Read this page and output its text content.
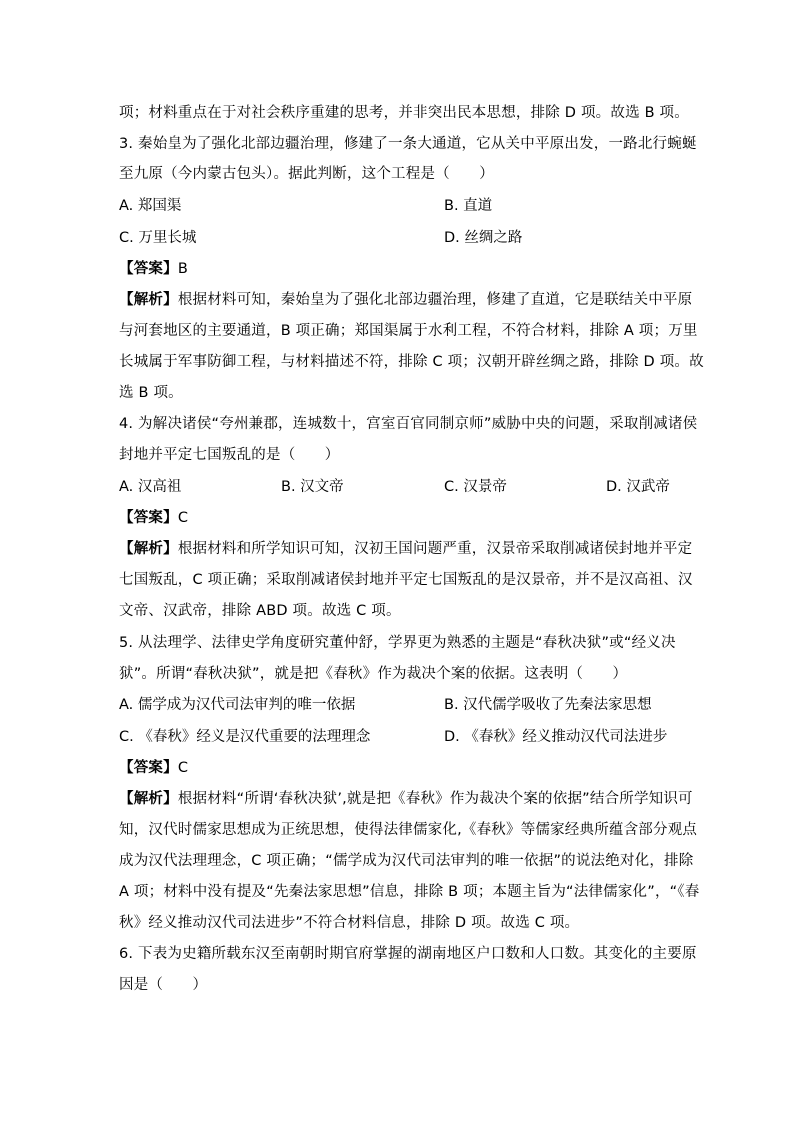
项；材料重点在于对社会秩序重建的思考，并非突出民本思想，排除 D 项。故选 B 项。
3. 秦始皇为了强化北部边疆治理，修建了一条大通道，它从关中平原出发，一路北行蜿蜒
至九原（今内蒙古包头）。据此判断，这个工程是（　　）
A. 郑国渠	B. 直道
C. 万里长城	D. 丝绸之路
【答案】B
【解析】根据材料可知，秦始皇为了强化北部边疆治理，修建了直道，它是联结关中平原
与河套地区的主要通道，B 项正确；郑国渠属于水利工程，不符合材料，排除 A 项；万里
长城属于军事防御工程，与材料描述不符，排除 C 项；汉朝开辟丝绸之路，排除 D 项。故
选 B 项。
4. 为解决诸侯“夸州兼郡，连城数十，宫室百官同制京师”威胁中央的问题，采取削减诸侯
封地并平定七国叛乱的是（　　）
A. 汉高祖	B. 汉文帝	C. 汉景帝	D. 汉武帝
【答案】C
【解析】根据材料和所学知识可知，汉初王国问题严重，汉景帝采取削减诸侯封地并平定
七国叛乱，C 项正确；采取削减诸侯封地并平定七国叛乱的是汉景帝，并不是汉高祖、汉
文帝、汉武帝，排除 ABD 项。故选 C 项。
5. 从法理学、法律史学角度研究董仲舒，学界更为熟悉的主题是“春秋决狱”或“经义决
狱”。所谓“春秋决狱”，就是把《春秋》作为裁决个案的依据。这表明（　　）
A. 儒学成为汉代司法审判的唯一依据	B. 汉代儒学吸收了先秦法家思想
C. 《春秋》经义是汉代重要的法理理念	D. 《春秋》经义推动汉代司法进步
【答案】C
【解析】根据材料“所谓‘春秋决狱’,就是把《春秋》作为裁决个案的依据”结合所学知识可
知，汉代时儒家思想成为正统思想，使得法律儒家化,《春秋》等儒家经典所蕴含部分观点
成为汉代法理理念，C 项正确；“儒学成为汉代司法审判的唯一依据”的说法绝对化，排除
A 项；材料中没有提及“先秦法家思想”信息，排除 B 项；本题主旨为“法律儒家化”，“《春
秋》经义推动汉代司法进步”不符合材料信息，排除 D 项。故选 C 项。
6. 下表为史籍所载东汉至南朝时期官府掌握的湖南地区户口数和人口数。其变化的主要原
因是（　　）
